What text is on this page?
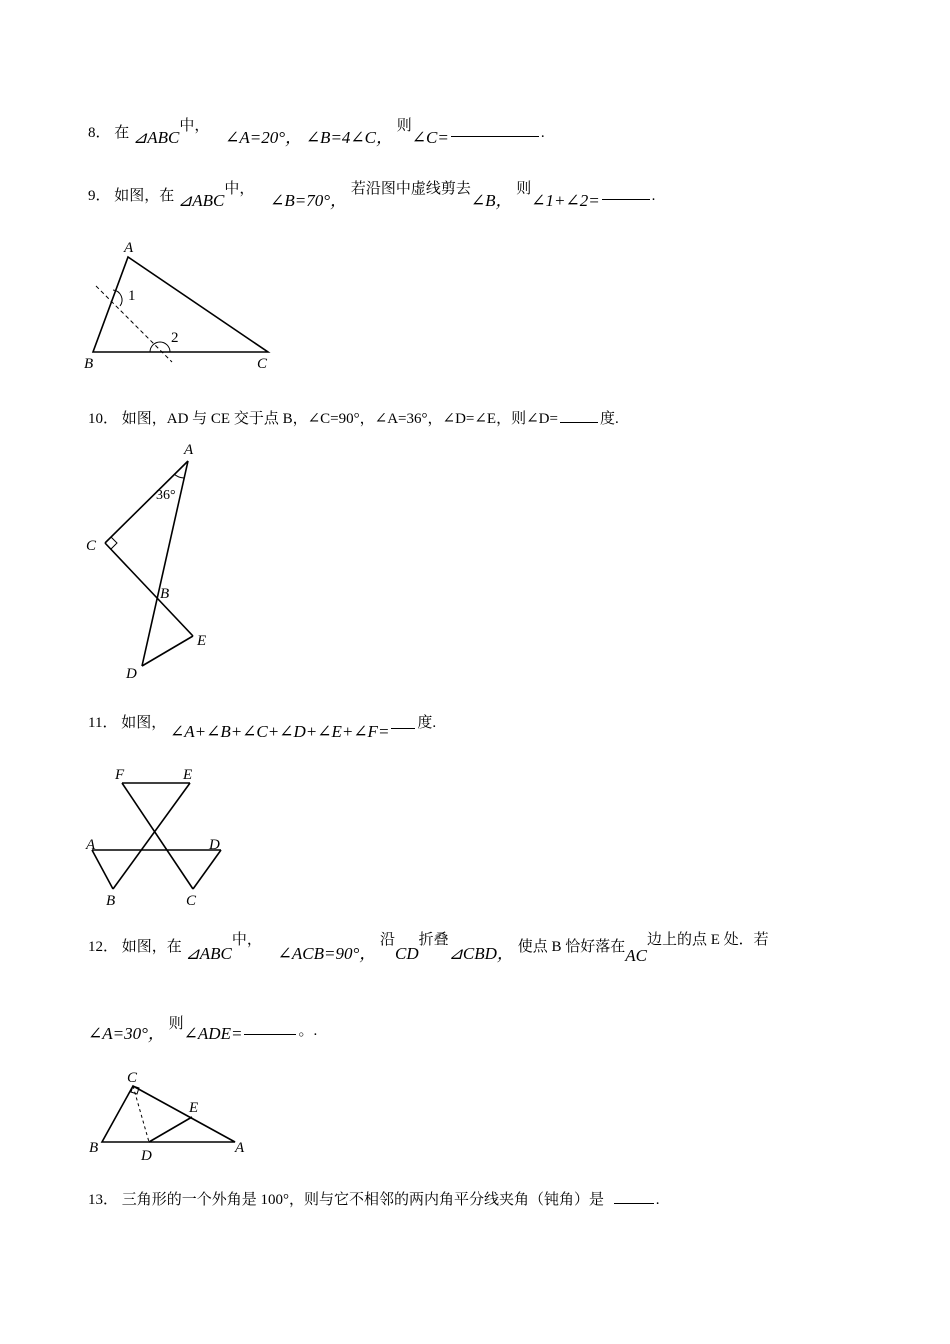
8． 在 ⊿ABC中， ∠A=20°， ∠B=4∠C， 则∠C=	.
9． 如图，在 ⊿ABC中， ∠B=70°， 若沿图中虚线剪去∠B， 则∠1+∠2=	.
A
B	C
1
2
10． 如图，AD 与 CE 交于点 B，∠C=90°，∠A=36°，∠D=∠E，则∠D=	度.
A
36°
C
B
E
D
11． 如图， ∠A+∠B+∠C+∠D+∠E+∠F= 度.
F	E
A	D
B	C
12． 如图，在 ⊿ABC中， ∠ACB=90°， 沿CD折叠⊿CBD， 使点 B 恰好落在AC边上的点 E 处．若
∠A=30°， 则∠ADE=	。.
C
E
B	D	A
13． 三角形的一个外角是 100°，则与它不相邻的两内角平分线夹角（钝角）是	.
